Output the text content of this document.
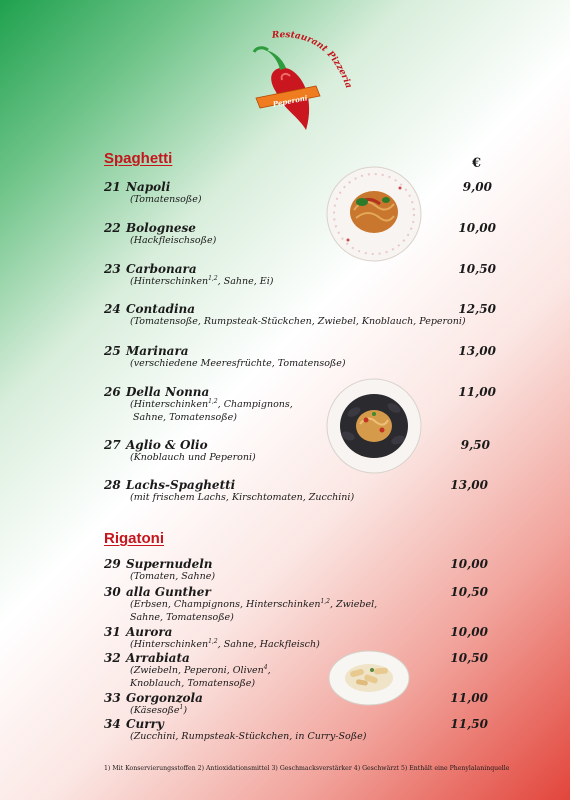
Restaurant Pizzeria
Peperoni
Spaghetti	€
21 Napoli	9,00
(Tomatensoße)
22 Bolognese	10,00
(Hackfleischsoße)
23 Carbonara	10,50
(Hinterschinken$^{1,2}$, Sahne, Ei)
24 Contadina	12,50
(Tomatensoße, Rumpsteak-Stückchen, Zwiebel, Knoblauch, Peperoni)
25 Marinara	13,00
(verschiedene Meeresfrüchte, Tomatensoße)
26 Della Nonna	11,00
(Hinterschinken$^{1,2}$, Champignons,
Sahne, Tomatensoße)
27 Aglio & Olio	9,50
(Knoblauch und Peperoni)
28 Lachs-Spaghetti	13,00
(mit frischem Lachs, Kirschtomaten, Zucchini)
Rigatoni
29 Supernudeln	10,00
(Tomaten, Sahne)
30 alla Gunther	10,50
(Erbsen, Champignons, Hinterschinken$^{1,2}$, Zwiebel,
Sahne, Tomatensoße)
31 Aurora	10,00
(Hinterschinken$^{1,2}$, Sahne, Hackfleisch)
32 Arrabiata	10,50
(Zwiebeln, Peperoni, Oliven$^4$,
Knoblauch, Tomatensoße)
33 Gorgonzola	11,00
(Käsesoße$^1$)
34 Curry	11,50
(Zucchini, Rumpsteak-Stückchen, in Curry-Soße)
1) Mit Konservierungsstoffen 2) Antioxidationsmittel 3) Geschmacksverstärker 4) Geschwärzt 5) Enthält eine Phenylalaninquelle
